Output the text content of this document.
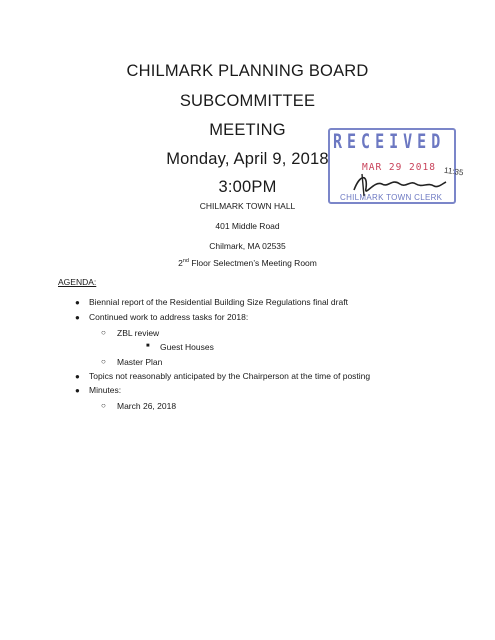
CHILMARK PLANNING BOARD
SUBCOMMITTEE
MEETING
Monday, April 9, 2018
3:00PM
CHILMARK TOWN HALL
401 Middle Road
Chilmark, MA 02535
2nd Floor Selectmen’s Meeting Room
RECEIVED
MAR 29 2018
CHILMARK TOWN CLERK
11:35
AGENDA:
● Biennial report of the Residential Building Size Regulations final draft
● Continued work to address tasks for 2018:
○ ZBL review
■ Guest Houses
○ Master Plan
● Topics not reasonably anticipated by the Chairperson at the time of posting
● Minutes:
○ March 26, 2018
